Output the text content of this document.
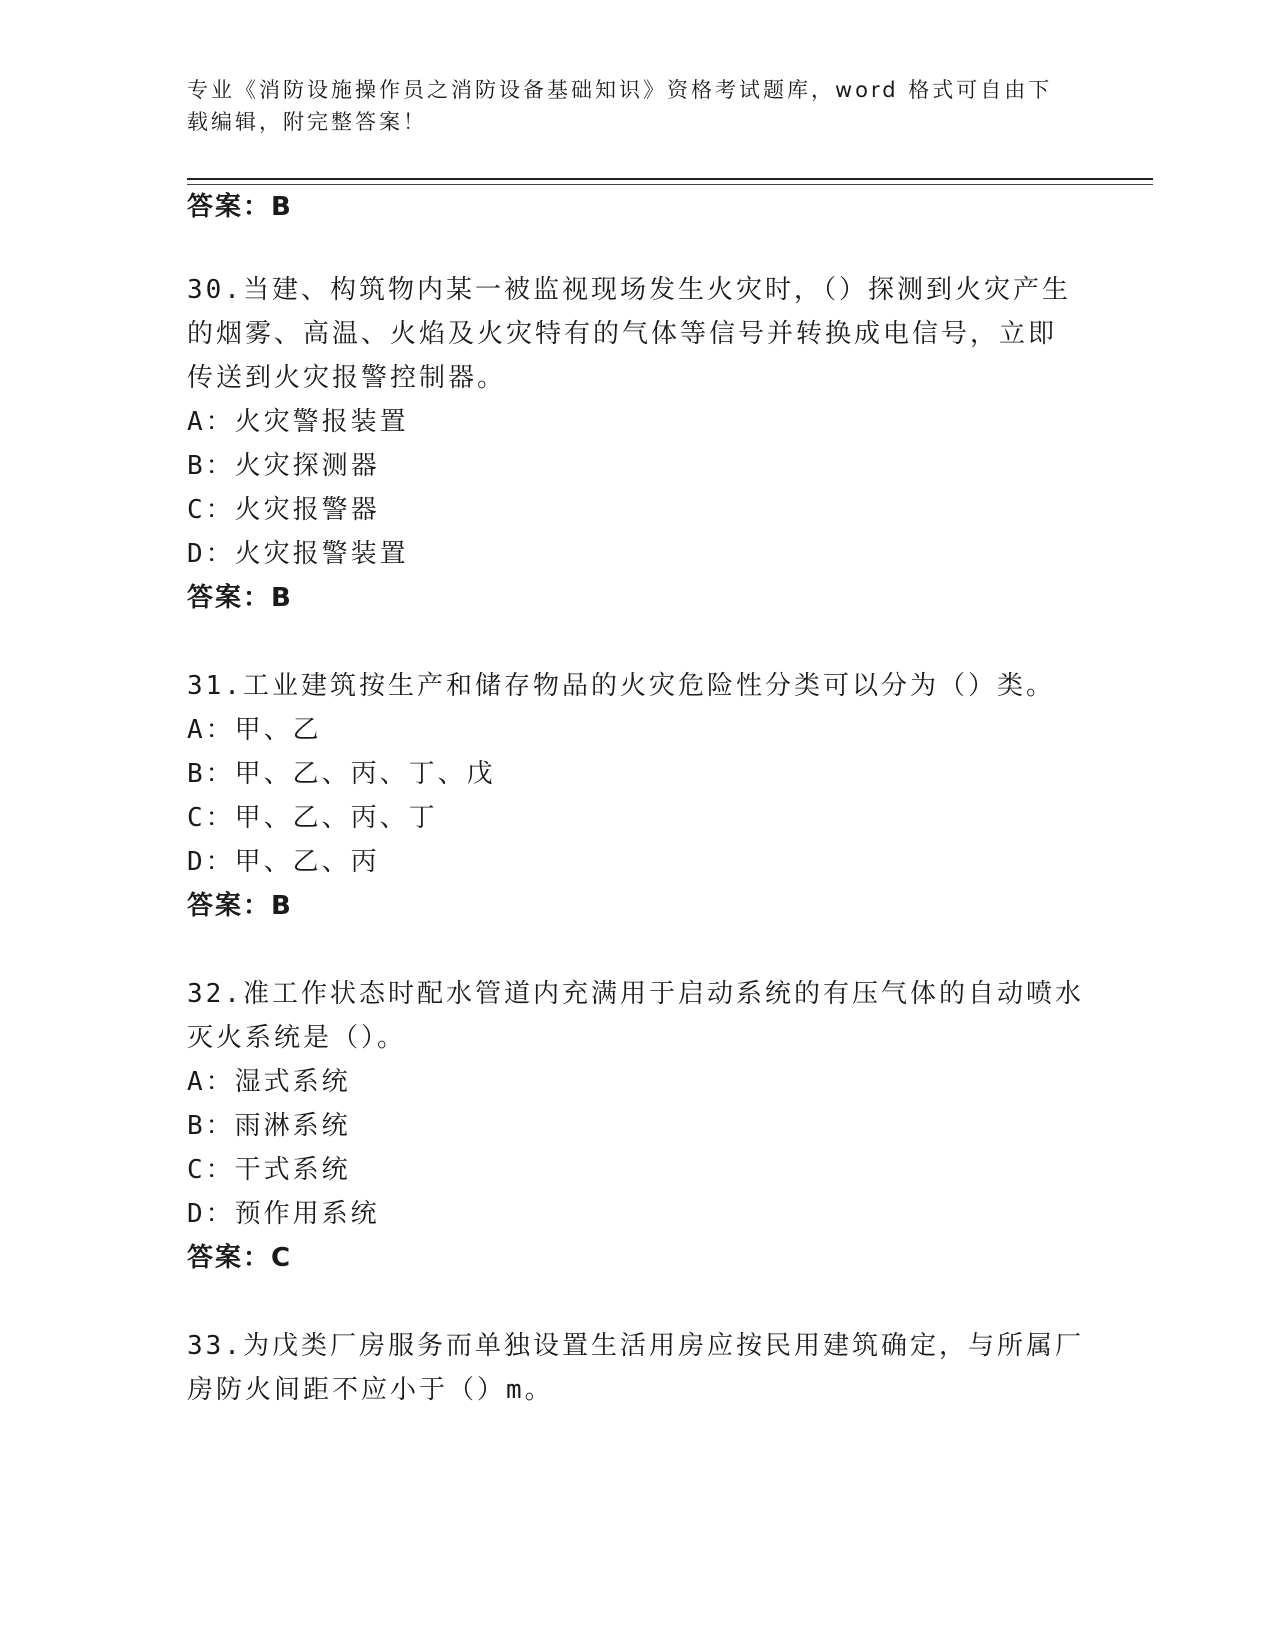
专业《消防设施操作员之消防设备基础知识》资格考试题库，word 格式可自由下
载编辑，附完整答案！
答案：B
30.当建、构筑物内某一被监视现场发生火灾时，（）探测到火灾产生
的烟雾、高温、火焰及火灾特有的气体等信号并转换成电信号，立即
传送到火灾报警控制器。
A：火灾警报装置
B：火灾探测器
C：火灾报警器
D：火灾报警装置
答案：B
31.工业建筑按生产和储存物品的火灾危险性分类可以分为（）类。
A：甲、乙
B：甲、乙、丙、丁、戊
C：甲、乙、丙、丁
D：甲、乙、丙
答案：B
32.准工作状态时配水管道内充满用于启动系统的有压气体的自动喷水
灭火系统是（）。
A：湿式系统
B：雨淋系统
C：干式系统
D：预作用系统
答案：C
33.为戊类厂房服务而单独设置生活用房应按民用建筑确定，与所属厂
房防火间距不应小于（）m。
